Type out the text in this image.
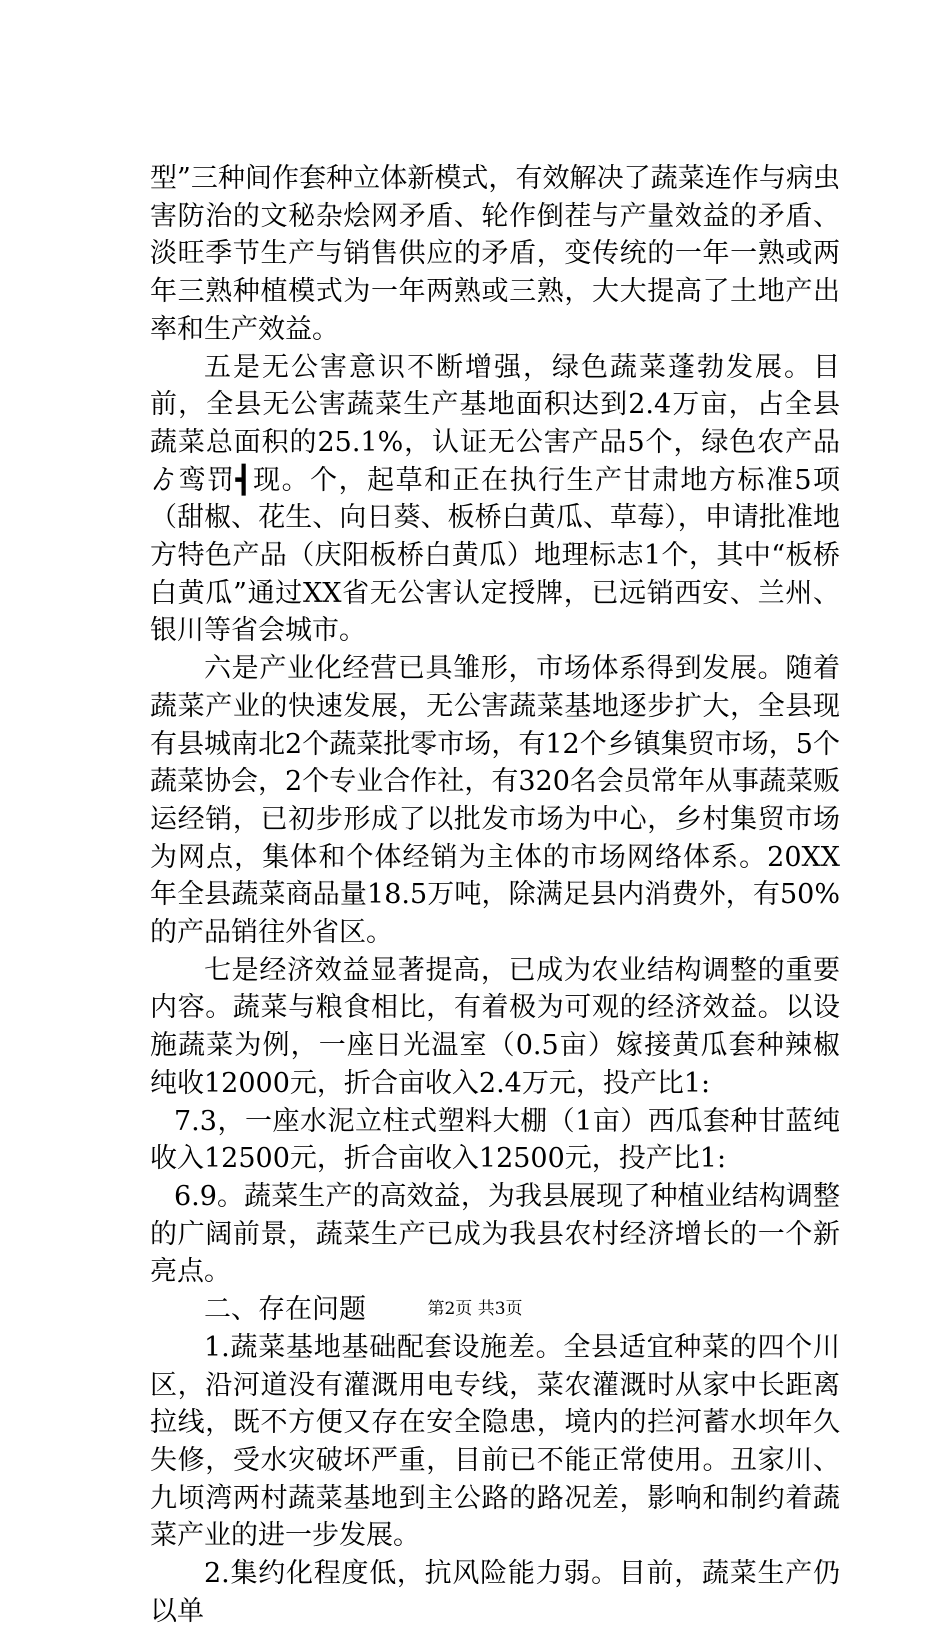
型”三种间作套种立体新模式，有效解决了蔬菜连作与病虫害防治的文秘杂烩网矛盾、轮作倒茬与产量效益的矛盾、淡旺季节生产与销售供应的矛盾，变传统的一年一熟或两年三熟种植模式为一年两熟或三熟，大大提高了土地产出率和生产效益。

五是无公害意识不断增强，绿色蔬菜蓬勃发展。目前，全县无公害蔬菜生产基地面积达到2.4万亩，占全县蔬菜总面积的25.1%，认证无公害产品5个，绿色农产品ゟ鸾罚┫现。个，起草和正在执行生产甘肃地方标准5项（甜椒、花生、向日葵、板桥白黄瓜、草莓），申请批准地方特色产品（庆阳板桥白黄瓜）地理标志1个，其中“板桥白黄瓜”通过XX省无公害认定授牌，已远销西安、兰州、银川等省会城市。

六是产业化经营已具雏形，市场体系得到发展。随着蔬菜产业的快速发展，无公害蔬菜基地逐步扩大，全县现有县城南北2个蔬菜批零市场，有12个乡镇集贸市场，5个蔬菜协会，2个专业合作社，有320名会员常年从事蔬菜贩运经销，已初步形成了以批发市场为中心，乡村集贸市场为网点，集体和个体经销为主体的市场网络体系。20XX年全县蔬菜商品量18.5万吨，除满足县内消费外，有50%的产品销往外省区。

七是经济效益显著提高，已成为农业结构调整的重要内容。蔬菜与粮食相比，有着极为可观的经济效益。以设施蔬菜为例，一座日光温室（0.5亩）嫁接黄瓜套种辣椒纯收12000元，折合亩收入2.4万元，投产比1:

7.3，一座水泥立柱式塑料大棚（1亩）西瓜套种甘蓝纯收入12500元，折合亩收入12500元，投产比1:

6.9。蔬菜生产的高效益，为我县展现了种植业结构调整的广阔前景，蔬菜生产已成为我县农村经济增长的一个新亮点。

二、存在问题

1.蔬菜基地基础配套设施差。全县适宜种菜的四个川区，沿河道没有灌溉用电专线，菜农灌溉时从家中长距离拉线，既不方便又存在安全隐患，境内的拦河蓄水坝年久失修，受水灾破坏严重，目前已不能正常使用。丑家川、九顷湾两村蔬菜基地到主公路的路况差，影响和制约着蔬菜产业的进一步发展。

2.集约化程度低，抗风险能力弱。目前，蔬菜生产仍以单

第2页 共3页
